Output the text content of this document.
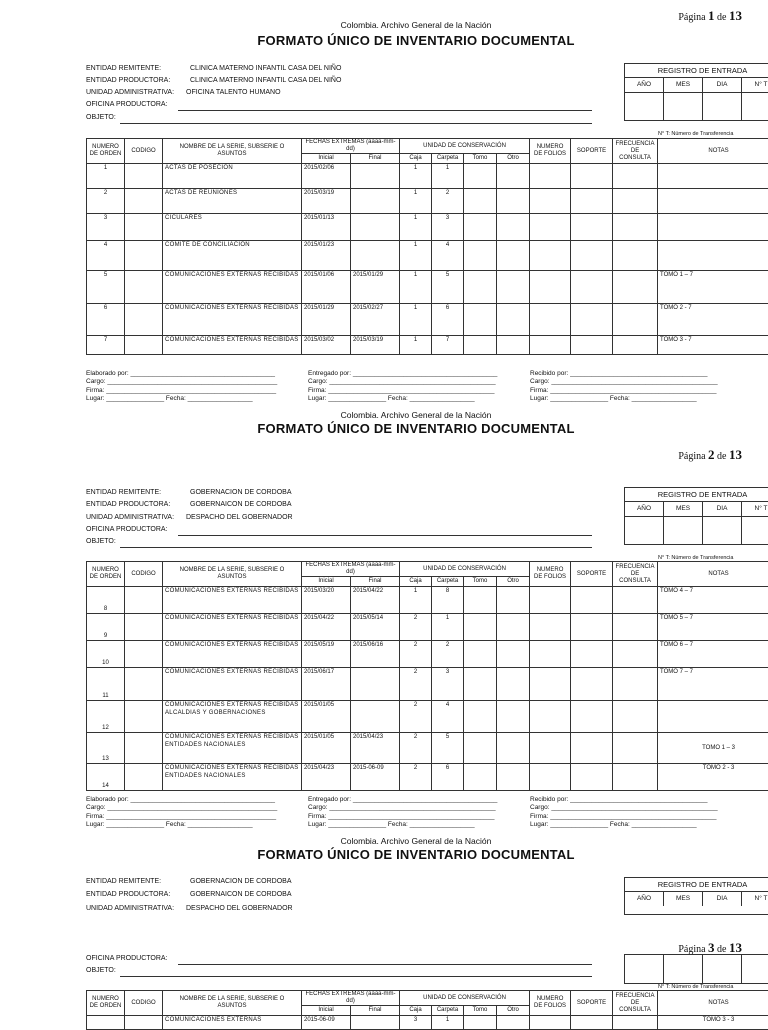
Página 1 de 13
Colombia. Archivo General de la Nación
FORMATO ÚNICO DE INVENTARIO DOCUMENTAL
ENTIDAD REMITENTE:	CLINICA MATERNO INFANTIL CASA DEL NIÑO
ENTIDAD PRODUCTORA:	CLINICA MATERNO INFANTIL CASA DEL NIÑO
UNIDAD ADMINISTRATIVA: OFICINA TALENTO HUMANO
OFICINA PRODUCTORA:
OBJETO:
REGISTRO DE ENTRADA
AÑO	MES	DIA	N° T
N° T: Número de Transferencia
NUMERO DE ORDEN	CODIGO	NOMBRE DE LA SERIE, SUBSERIE O ASUNTOS	FECHAS EXTREMAS (aaaa-mm-dd)		UNIDAD DE CONSERVACIÓN				NUMERO DE FOLIOS	SOPORTE	FRECUENCIA DE CONSULTA	NOTAS
			Inicial	Final	Caja	Carpeta	Tomo	Otro				
1		ACTAS DE POSECION	2015/02/06		1	1						
2		ACTAS DE REUNIONES	2015/03/19		1	2						
3		CICULARES	2015/01/13		1	3						
4		COMITE DE CONCILIACION	2015/01/23		1	4						
5		COMUNICACIONES EXTERNAS RECIBIDAS	2015/01/06	2015/01/29	1	5						TOMO 1 – 7
6		COMUNICACIONES EXTERNAS RECIBIDAS	2015/01/29	2015/02/27	1	6						TOMO 2 - 7
7		COMUNICACIONES EXTERNAS RECIBIDAS	2015/03/02	2015/03/19	1	7						TOMO 3 - 7
Elaborado por: ________________________________________
Cargo: _______________________________________________
Firma: _______________________________________________
Lugar: ________________ Fecha: __________________
Entregado por: ________________________________________
Cargo: ______________________________________________
Firma: ______________________________________________
Lugar: ________________ Fecha: __________________
Recibido por: ______________________________________
Cargo: ______________________________________________
Firma: ______________________________________________
Lugar: ________________ Fecha: __________________
Colombia. Archivo General de la Nación
FORMATO ÚNICO DE INVENTARIO DOCUMENTAL
Página 2 de 13
ENTIDAD REMITENTE:	GOBERNACION DE CORDOBA
ENTIDAD PRODUCTORA:	GOBERNAICON DE CORDOBA
UNIDAD ADMINISTRATIVA: DESPACHO DEL GOBERNADOR
OFICINA PRODUCTORA:
OBJETO:
REGISTRO DE ENTRADA
AÑO	MES	DIA	N° T
N° T: Número de Transferencia
NUMERO DE ORDEN	CODIGO	NOMBRE DE LA SERIE, SUBSERIE O ASUNTOS	FECHAS EXTREMAS (aaaa-mm-dd)		UNIDAD DE CONSERVACIÓN				NUMERO DE FOLIOS	SOPORTE	FRECUENCIA DE CONSULTA	NOTAS
			Inicial	Final	Caja	Carpeta	Tomo	Otro				
8		COMUNICACIONES EXTERNAS RECIBIDAS	2015/03/20	2015/04/22	1	8						TOMO 4 – 7
9		COMUNICACIONES EXTERNAS RECIBIDAS	2015/04/22	2015/05/14	2	1						TOMO 5 – 7
10		COMUNICACIONES EXTERNAS RECIBIDAS	2015/05/19	2015/06/16	2	2						TOMO 6 – 7
11		COMUNICACIONES EXTERNAS RECIBIDAS	2015/06/17		2	3						TOMO 7 – 7
12		COMUNICACIONES EXTERNAS RECIBIDAS ALCALDIAS Y GOBERNACIONES	2015/01/05		2	4						
13		COMUNICACIONES EXTERNAS RECIBIDAS ENTIDADES NACIONALES	2015/01/05	2015/04/23	2	5						TOMO 1 – 3
14		COMUNICACIONES EXTERNAS RECIBIDAS ENTIDADES NACIONALES	2015/04/23	2015-06-09	2	6						TOMO 2 - 3
Elaborado por: ________________________________________
Cargo: _______________________________________________
Firma: _______________________________________________
Lugar: ________________ Fecha: __________________
Entregado por: ________________________________________
Cargo: ______________________________________________
Firma: ______________________________________________
Lugar: ________________ Fecha: __________________
Recibido por: ______________________________________
Cargo: ______________________________________________
Firma: ______________________________________________
Lugar: ________________ Fecha: __________________
Colombia. Archivo General de la Nación
FORMATO ÚNICO DE INVENTARIO DOCUMENTAL
ENTIDAD REMITENTE:	GOBERNACION DE CORDOBA
ENTIDAD PRODUCTORA:	GOBERNAICON DE CORDOBA
UNIDAD ADMINISTRATIVA: DESPACHO DEL GOBERNADOR
REGISTRO DE ENTRADA
AÑO	MES	DIA	N° T
Página 3 de 13
OFICINA PRODUCTORA:
OBJETO:
N° T: Número de Transferencia
NUMERO DE ORDEN	CODIGO	NOMBRE DE LA SERIE, SUBSERIE O ASUNTOS	FECHAS EXTREMAS (aaaa-mm-dd)		UNIDAD DE CONSERVACIÓN				NUMERO DE FOLIOS	SOPORTE	FRECUENCIA DE CONSULTA	NOTAS
			Inicial	Final	Caja	Carpeta	Tomo	Otro				
		COMUNICACIONES EXTERNAS	2015-06-09		3	1						TOMO 3 - 3
